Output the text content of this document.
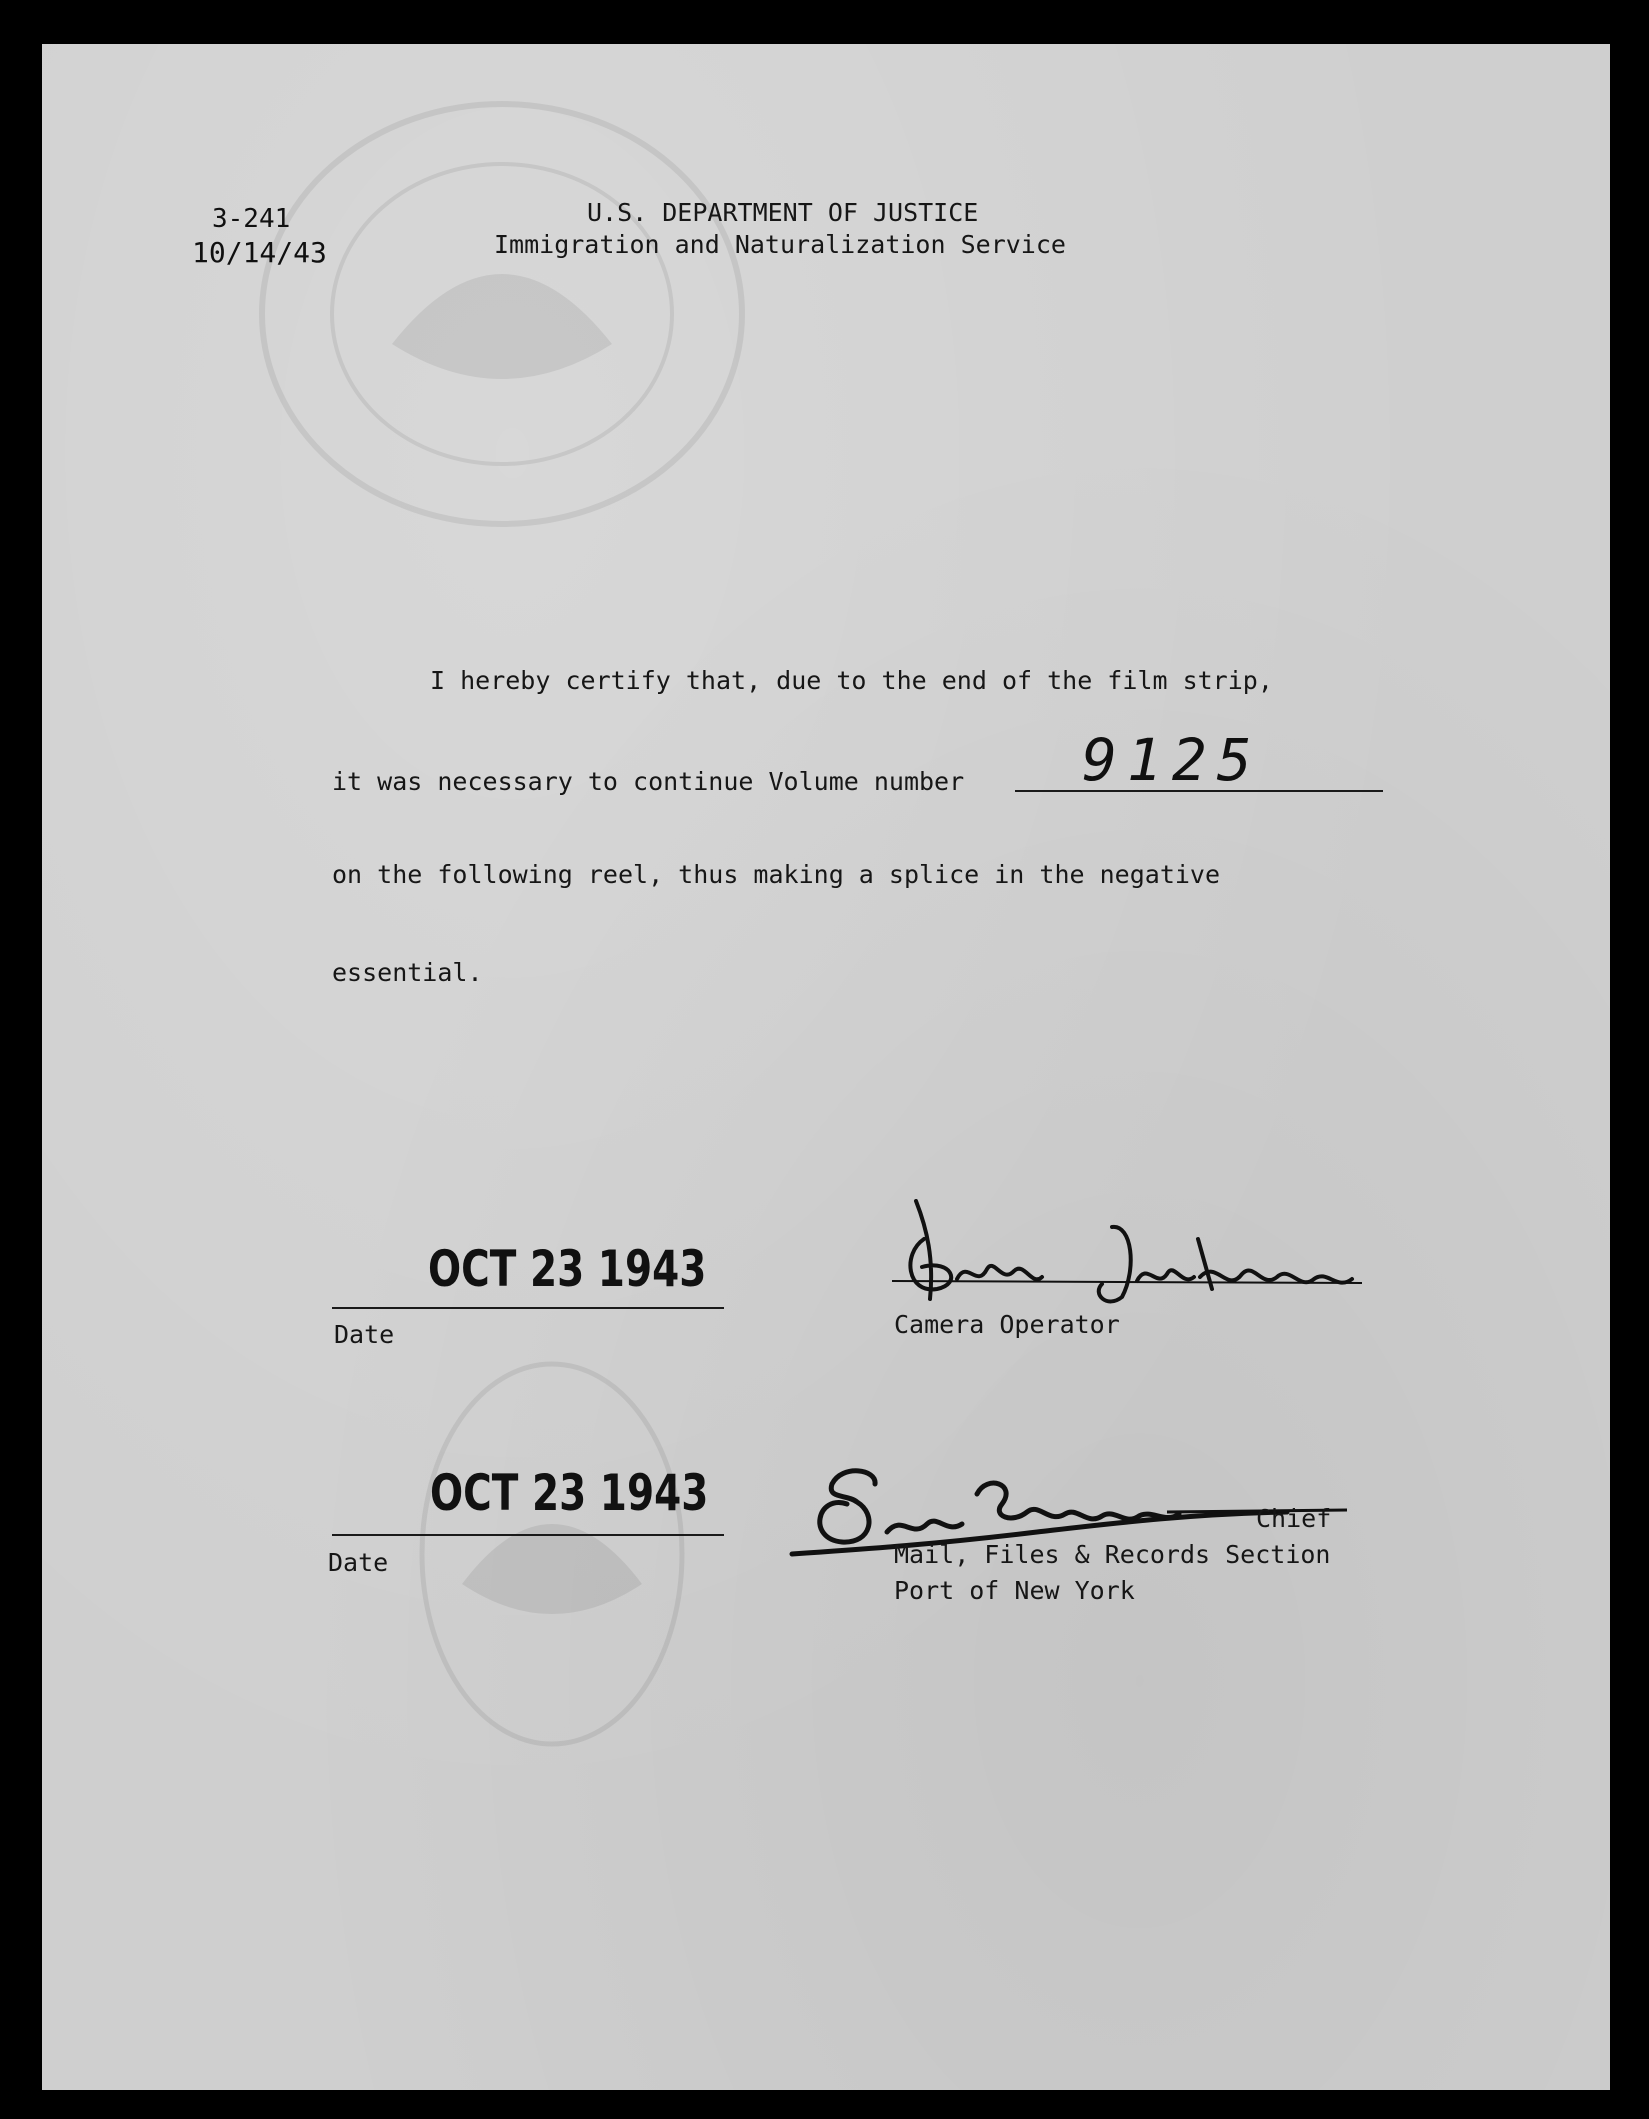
3-241
10/14/43
U.S. DEPARTMENT OF JUSTICE
Immigration and Naturalization Service
I hereby certify that, due to the end of the film strip,
it was necessary to continue Volume number 9125
on the following reel, thus making a splice in the negative
essential.
OCT 23 1943
Date	Camera Operator
OCT 23 1943
Date
Chief
Mail, Files & Records Section
Port of New York
